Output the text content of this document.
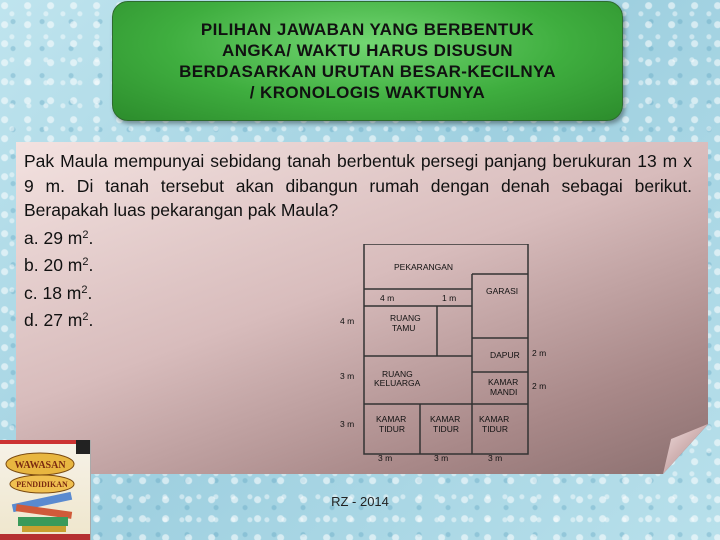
PILIHAN JAWABAN YANG BERBENTUK
ANGKA/ WAKTU HARUS DISUSUN
BERDASARKAN URUTAN BESAR-KECILNYA
/ KRONOLOGIS WAKTUNYA

Pak Maula mempunyai sebidang tanah berbentuk persegi panjang berukuran 13 m x 9 m. Di tanah tersebut akan dibangun rumah dengan denah sebagai berikut. Berapakah luas pekarangan pak Maula?
a. 29 $m^2$.
b. 20 $m^2$.
c. 18 $m^2$.
d. 27 $m^2$.
PEKARANGAN
GARASI
4 m	1 m
RUANG
TAMU
4 m
DAPUR 2 m
RUANG
KELUARGA
3 m
KAMAR
MANDI
2 m
KAMAR
TIDUR
KAMAR
TIDUR
KAMAR
TIDUR
3 m
3 m	3 m	3 m
RZ - 2014
WAWASAN
PENDIDIKAN
